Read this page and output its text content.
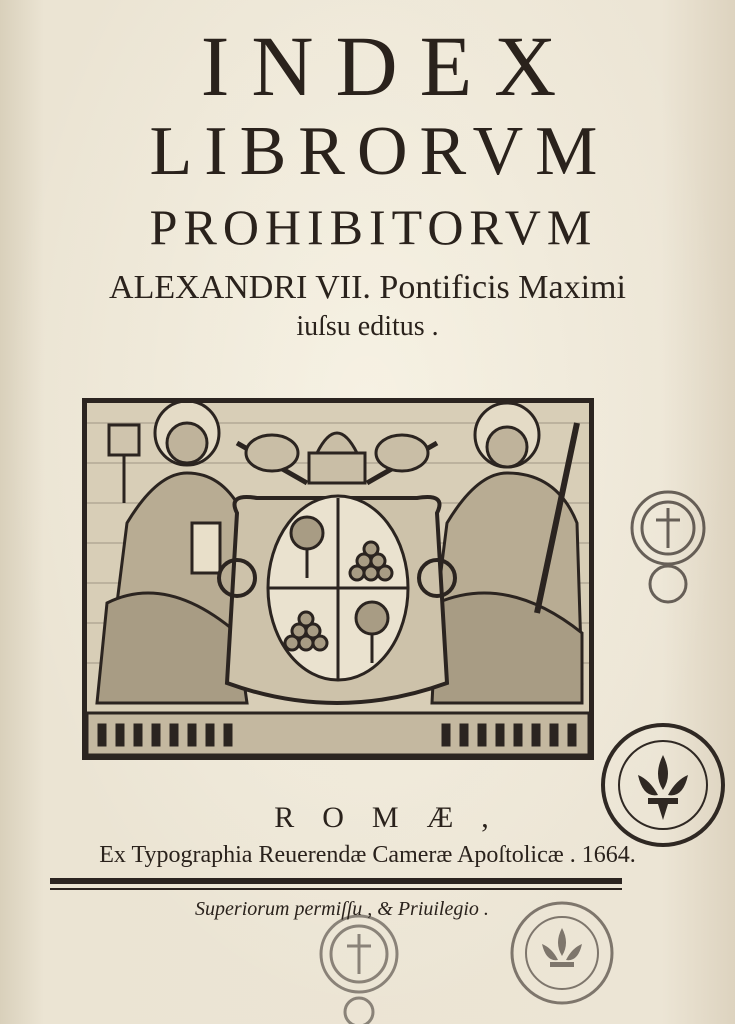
INDEX
LIBRORVM
PROHIBITORVM
ALEXANDRI VII. Pontificis Maximi
iuſsu editus .
ROMÆ,
Ex Typographia Reuerendæ Cameræ Apoſtolicæ . 1664.
Superiorum permiſſu , & Priuilegio .
